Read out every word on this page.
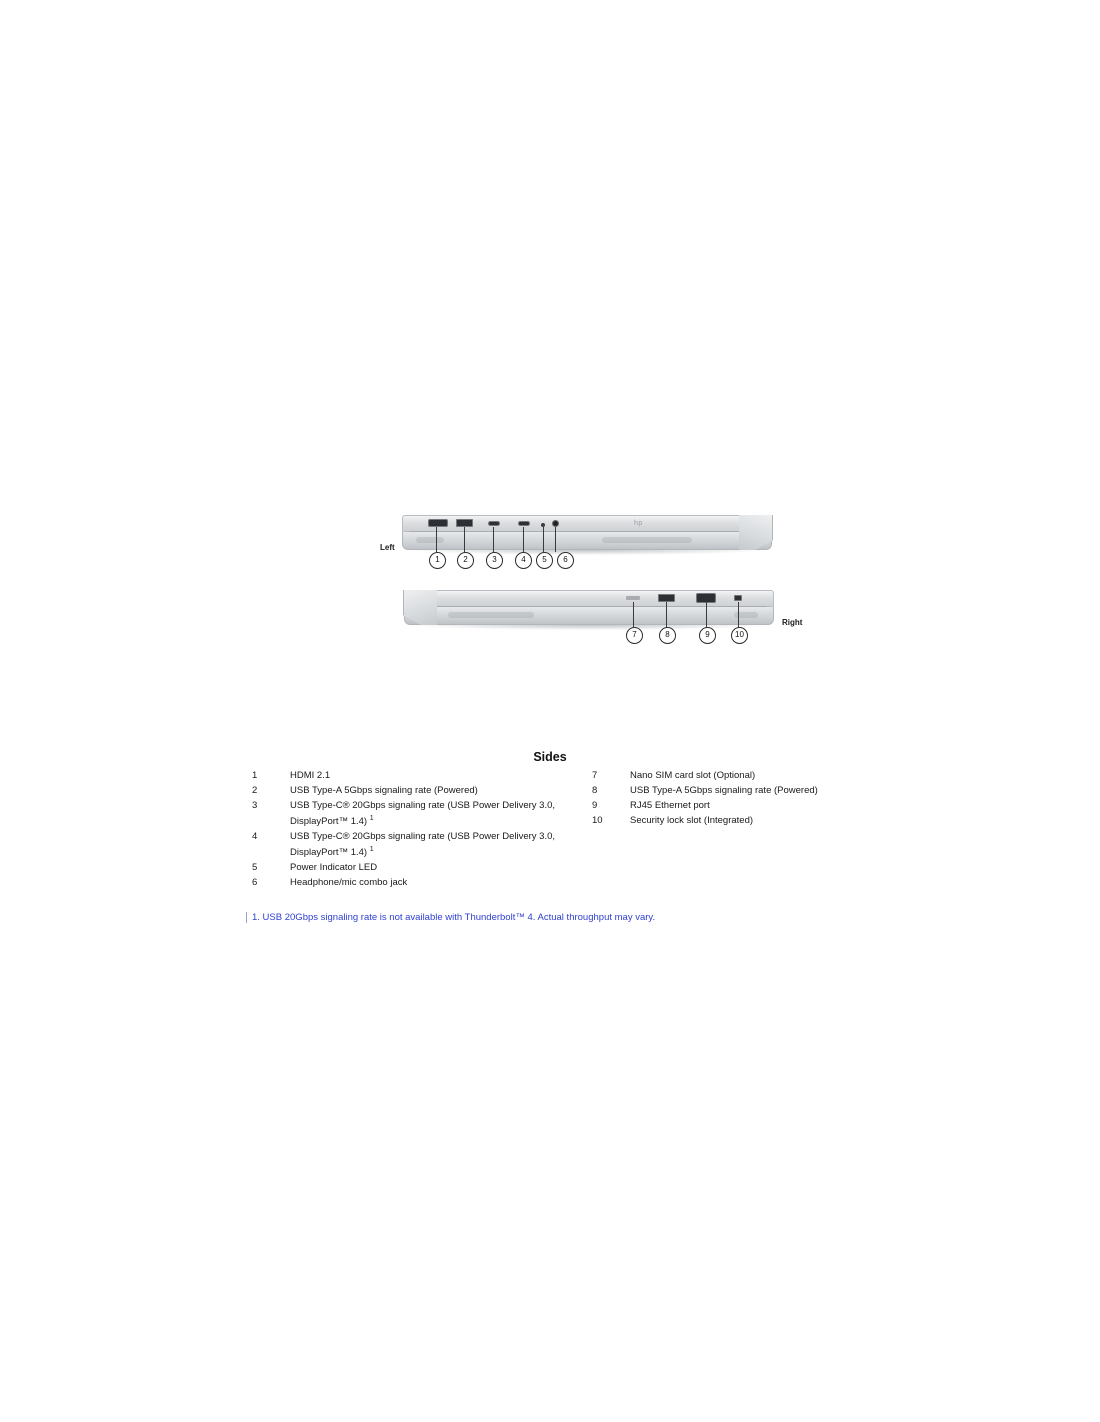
hp
Left
1	2	3	4	5	6
Right
7	8	9	10
Sides
1	HDMI 2.1
2	USB Type-A 5Gbps signaling rate (Powered)
3	USB Type-C® 20Gbps signaling rate (USB Power Delivery 3.0, DisplayPort™ 1.4) $^1$
4	USB Type-C® 20Gbps signaling rate (USB Power Delivery 3.0, DisplayPort™ 1.4) $^1$
5	Power Indicator LED
6	Headphone/mic combo jack
7	Nano SIM card slot (Optional)
8	USB Type-A 5Gbps signaling rate (Powered)
9	RJ45 Ethernet port
10	Security lock slot (Integrated)
1. USB 20Gbps signaling rate is not available with Thunderbolt™ 4. Actual throughput may vary.
